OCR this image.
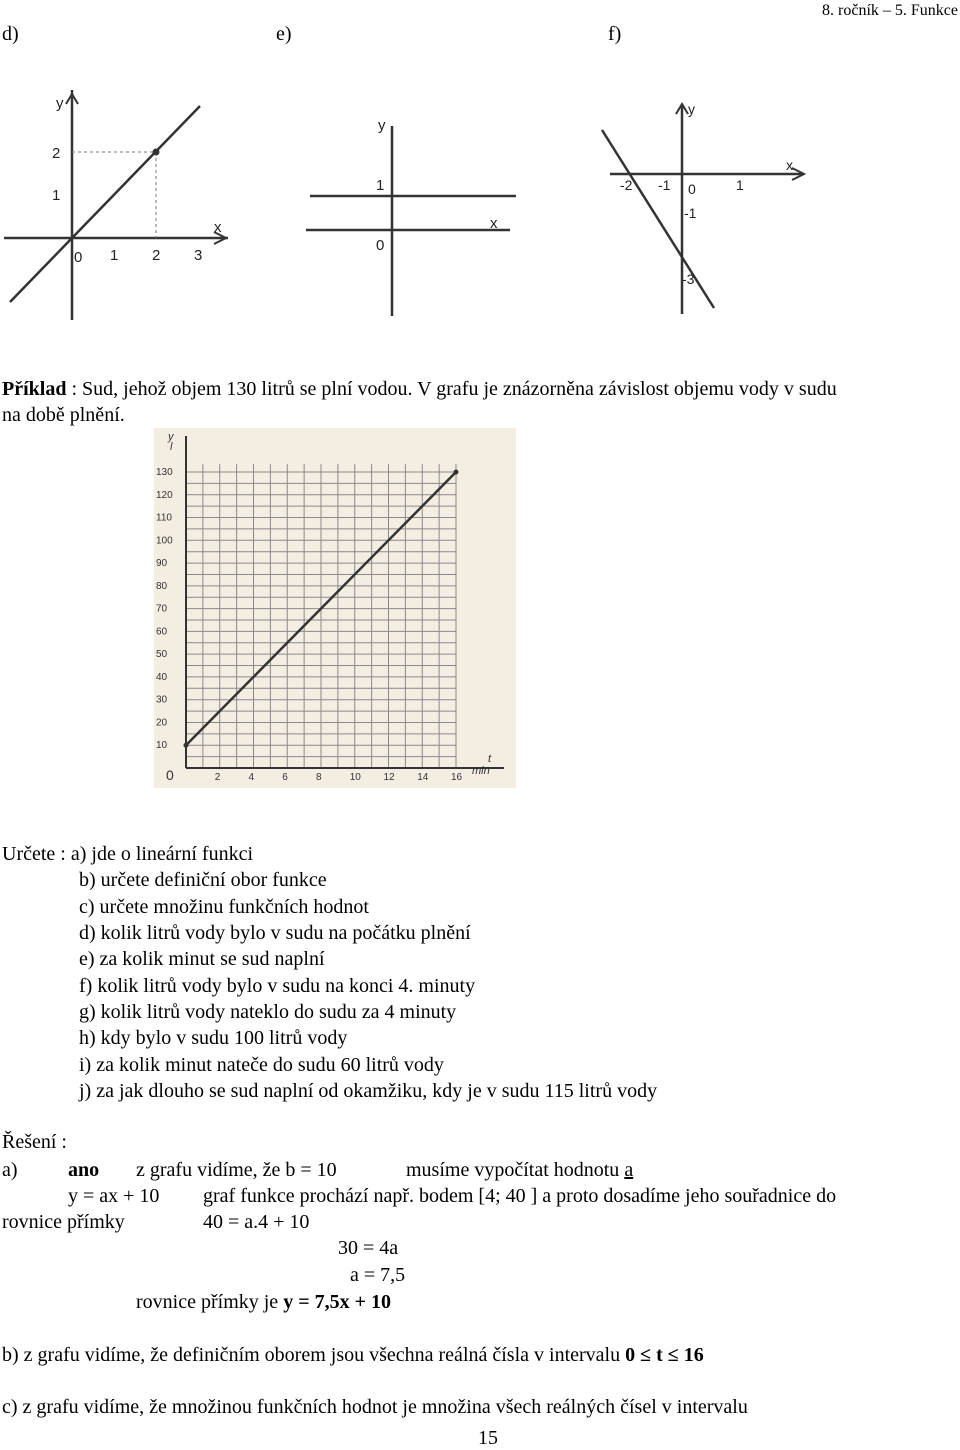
8. ročník – 5. Funkce
d)	e)	f)
y
x
0 1 2 3
1
2
y
x
1
0
y
x
0
-2 -1	1
-1
-3
Příklad : Sud, jehož objem 130 litrů se plní vodou. V grafu je znázorněna závislost objemu vody v sudu
na době plnění.
0	2	4	6	8	10 12 14 16
10
20
30
40
50
60
70
80
90
100
110
120
130
y l
t min
Určete : a) jde o lineární funkci
b) určete definiční obor funkce
c) určete množinu funkčních hodnot
d) kolik litrů vody bylo v sudu na počátku plnění
e) za kolik minut se sud naplní
f) kolik litrů vody bylo v sudu na konci 4. minuty
g) kolik litrů vody nateklo do sudu za 4 minuty
h) kdy bylo v sudu 100 litrů vody
i) za kolik minut nateče do sudu 60 litrů vody
j) za jak dlouho se sud naplní od okamžiku, kdy je v sudu 115 litrů vody
Řešení :
a)	ano z grafu vidíme, že b = 10	musíme vypočítat hodnotu a
y = ax + 10 graf funkce prochází např. bodem [4; 40 ] a proto dosadíme jeho souřadnice do
rovnice přímky	40 = a.4 + 10
30 = 4a
a = 7,5
rovnice přímky je y = 7,5x + 10
b) z grafu vidíme, že definičním oborem jsou všechna reálná čísla v intervalu 0 ≤ t ≤ 16
c) z grafu vidíme, že množinou funkčních hodnot je množina všech reálných čísel v intervalu
15
